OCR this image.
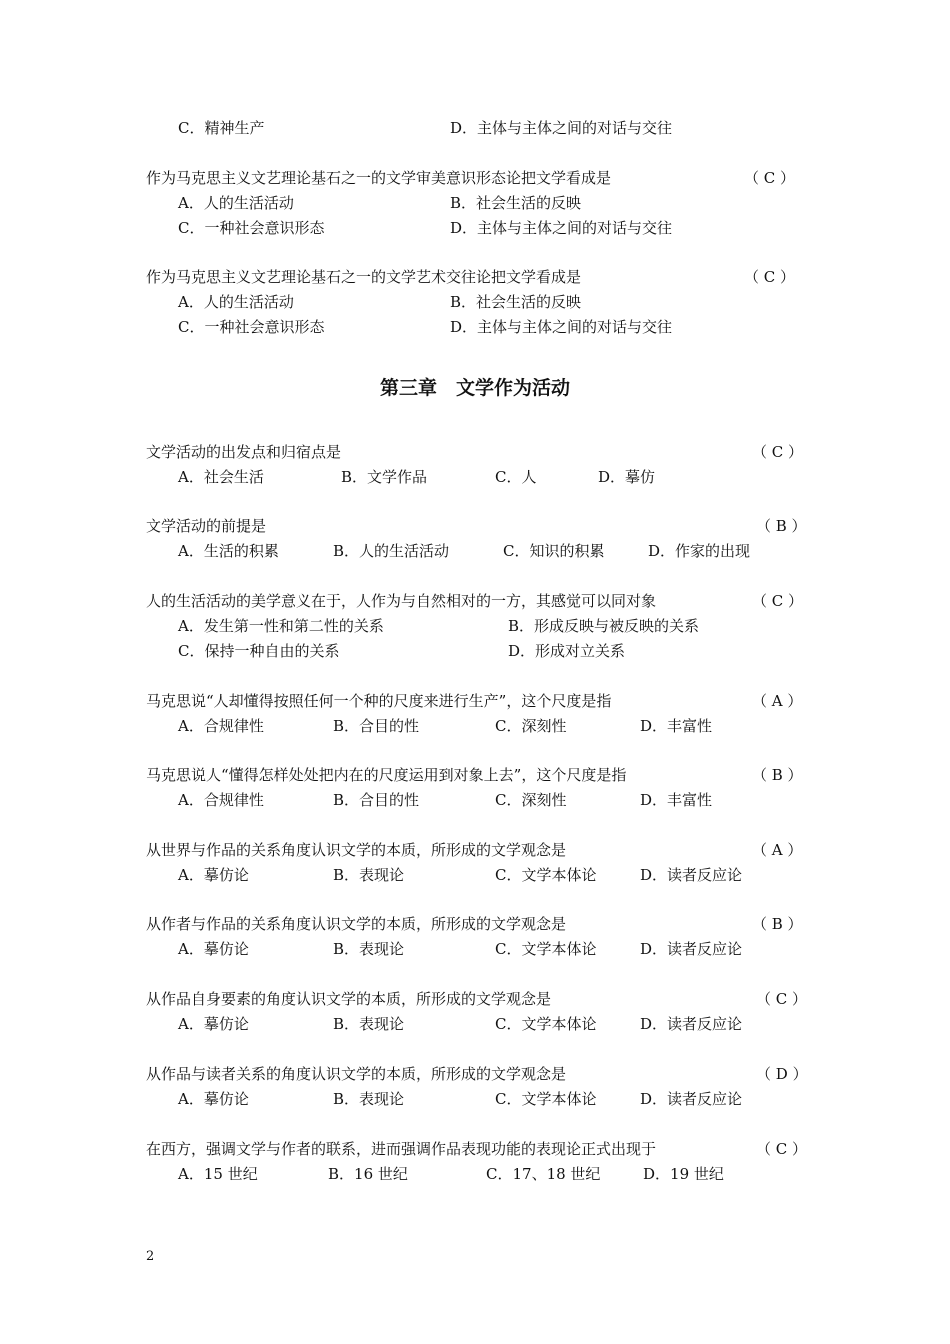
C．精神生产	D．主体与主体之间的对话与交往
作为马克思主义文艺理论基石之一的文学审美意识形态论把文学看成是	（ C ）
A．人的生活活动	B．社会生活的反映
C．一种社会意识形态	D．主体与主体之间的对话与交往
作为马克思主义文艺理论基石之一的文学艺术交往论把文学看成是	（ C ）
A．人的生活活动	B．社会生活的反映
C．一种社会意识形态	D．主体与主体之间的对话与交往
第三章　文学作为活动
文学活动的出发点和归宿点是	（ C ）
A．社会生活	B．文学作品	C．人	D．摹仿
文学活动的前提是	（ B ）
A．生活的积累	B．人的生活活动	C．知识的积累	D．作家的出现
人的生活活动的美学意义在于，人作为与自然相对的一方，其感觉可以同对象	（ C ）
A．发生第一性和第二性的关系	B．形成反映与被反映的关系
C．保持一种自由的关系	D．形成对立关系
马克思说“人却懂得按照任何一个种的尺度来进行生产”，这个尺度是指	（ A ）
A．合规律性	B．合目的性	C．深刻性	D．丰富性
马克思说人“懂得怎样处处把内在的尺度运用到对象上去”，这个尺度是指	（ B ）
A．合规律性	B．合目的性	C．深刻性	D．丰富性
从世界与作品的关系角度认识文学的本质，所形成的文学观念是	（ A ）
A．摹仿论	B．表现论	C．文学本体论	D．读者反应论
从作者与作品的关系角度认识文学的本质，所形成的文学观念是	（ B ）
A．摹仿论	B．表现论	C．文学本体论	D．读者反应论
从作品自身要素的角度认识文学的本质，所形成的文学观念是	（ C ）
A．摹仿论	B．表现论	C．文学本体论	D．读者反应论
从作品与读者关系的角度认识文学的本质，所形成的文学观念是	（ D ）
A．摹仿论	B．表现论	C．文学本体论	D．读者反应论
在西方，强调文学与作者的联系，进而强调作品表现功能的表现论正式出现于	（ C ）
A．15 世纪	B．16 世纪	C．17、18 世纪	D．19 世纪
2
